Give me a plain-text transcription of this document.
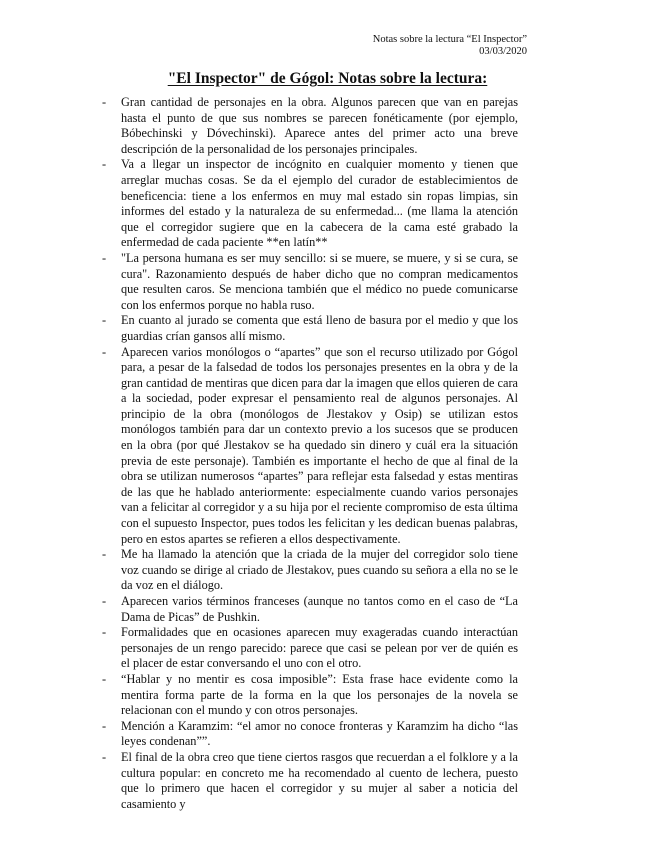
Notas sobre la lectura “El Inspector”
03/03/2020
"El Inspector" de Gógol: Notas sobre la lectura:
- Gran cantidad de personajes en la obra. Algunos parecen que van en parejas hasta el punto de que sus nombres se parecen fonéticamente (por ejemplo, Bóbechinski y Dóvechinski). Aparece antes del primer acto una breve descripción de la personalidad de los personajes principales.
- Va a llegar un inspector de incógnito en cualquier momento y tienen que arreglar muchas cosas. Se da el ejemplo del curador de establecimientos de beneficencia: tiene a los enfermos en muy mal estado sin ropas limpias, sin informes del estado y la naturaleza de su enfermedad... (me llama la atención que el corregidor sugiere que en la cabecera de la cama esté grabado la enfermedad de cada paciente **en latín**
- "La persona humana es ser muy sencillo: si se muere, se muere, y si se cura, se cura". Razonamiento después de haber dicho que no compran medicamentos que resulten caros. Se menciona también que el médico no puede comunicarse con los enfermos porque no habla ruso.
- En cuanto al jurado se comenta que está lleno de basura por el medio y que los guardias crían gansos allí mismo.
- Aparecen varios monólogos o “apartes” que son el recurso utilizado por Gógol para, a pesar de la falsedad de todos los personajes presentes en la obra y de la gran cantidad de mentiras que dicen para dar la imagen que ellos quieren de cara a la sociedad, poder expresar el pensamiento real de algunos personajes. Al principio de la obra (monólogos de Jlestakov y Osip) se utilizan estos monólogos también para dar un contexto previo a los sucesos que se producen en la obra (por qué Jlestakov se ha quedado sin dinero y cuál era la situación previa de este personaje). También es importante el hecho de que al final de la obra se utilizan numerosos “apartes” para reflejar esta falsedad y estas mentiras de las que he hablado anteriormente: especialmente cuando varios personajes van a felicitar al corregidor y a su hija por el reciente compromiso de esta última con el supuesto Inspector, pues todos les felicitan y les dedican buenas palabras, pero en estos apartes se refieren a ellos despectivamente.
- Me ha llamado la atención que la criada de la mujer del corregidor solo tiene voz cuando se dirige al criado de Jlestakov, pues cuando su señora a ella no se le da voz en el diálogo.
- Aparecen varios términos franceses (aunque no tantos como en el caso de “La Dama de Picas” de Pushkin.
- Formalidades que en ocasiones aparecen muy exageradas cuando interactúan personajes de un rengo parecido: parece que casi se pelean por ver de quién es el placer de estar conversando el uno con el otro.
- “Hablar y no mentir es cosa imposible”: Esta frase hace evidente como la mentira forma parte de la forma en la que los personajes de la novela se relacionan con el mundo y con otros personajes.
- Mención a Karamzim: “el amor no conoce fronteras y Karamzim ha dicho “las leyes condenan””.
- El final de la obra creo que tiene ciertos rasgos que recuerdan a el folklore y a la cultura popular: en concreto me ha recomendado al cuento de lechera, puesto que lo primero que hacen el corregidor y su mujer al saber a noticia del casamiento y
